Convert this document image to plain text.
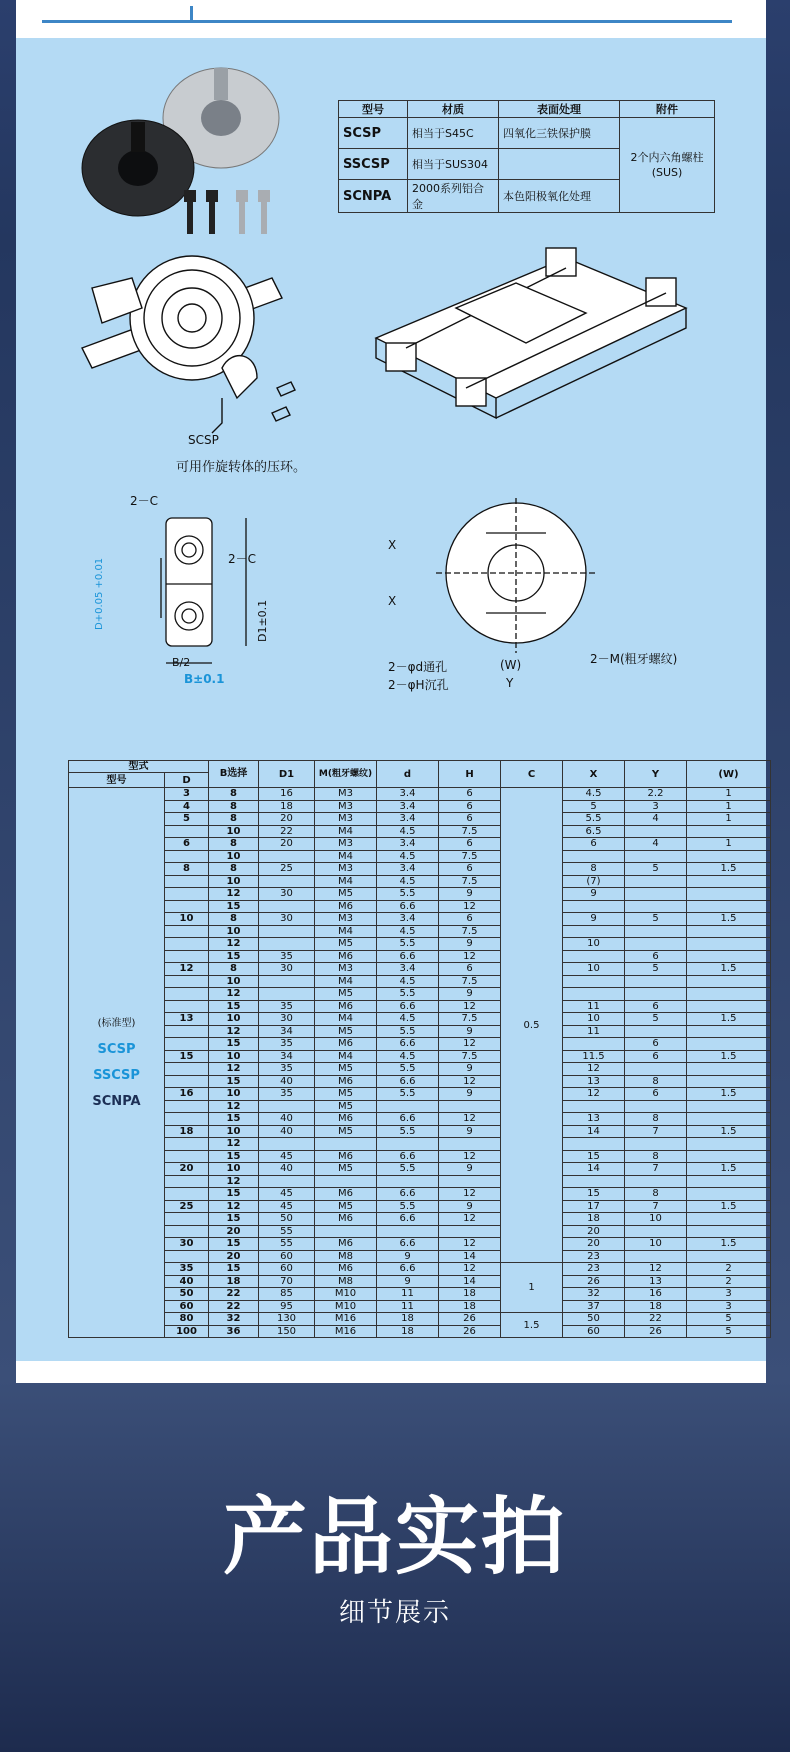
型号	材质	表面处理	附件
SCSP	相当于S45C	四氧化三铁保护膜	2个内六角螺柱(SUS)
SSCSP	相当于SUS304		
SCNPA	2000系列铝合金	本色阳极氧化处理	
SCSP
可用作旋转体的压环。
2－C
2－C
D+0.05 +0.01	D1±0.1
B/2
B±0.1
X
X
2－φd通孔
2－φH沉孔
(W)
Y
2－M(粗牙螺纹)
型式		B选择	D1	M(粗牙螺纹)	d	H	C	X	Y	(W)
型号	D									

(标准型)
SCSP
SSCSP
SCNPA	3	8	16	M3	3.4	6	0.5	4.5	2.2	1
	4	8	18	M3	3.4	6		5	3	1
	5	8	20	M3	3.4	6		5.5	4	1
		10	22	M4	4.5	7.5		6.5		
	6	8	20	M3	3.4	6		6	4	1
		10		M4	4.5	7.5				
	8	8	25	M3	3.4	6		8	5	1.5
		10		M4	4.5	7.5		(7)		
		12	30	M5	5.5	9		9		
		15		M6	6.6	12				
	10	8	30	M3	3.4	6		9	5	1.5
		10		M4	4.5	7.5				
		12		M5	5.5	9		10		
		15	35	M6	6.6	12			6	
	12	8	30	M3	3.4	6		10	5	1.5
		10		M4	4.5	7.5				
		12		M5	5.5	9				
		15	35	M6	6.6	12		11	6	
	13	10	30	M4	4.5	7.5		10	5	1.5
		12	34	M5	5.5	9		11		
		15	35	M6	6.6	12			6	
	15	10	34	M4	4.5	7.5		11.5	6	1.5
		12	35	M5	5.5	9		12		
		15	40	M6	6.6	12		13	8	
	16	10	35	M5	5.5	9		12	6	1.5
		12		M5						
		15	40	M6	6.6	12		13	8	
	18	10	40	M5	5.5	9		14	7	1.5
		12								
		15	45	M6	6.6	12		15	8	
	20	10	40	M5	5.5	9		14	7	1.5
		12								
		15	45	M6	6.6	12		15	8	
	25	12	45	M5	5.5	9		17	7	1.5
		15	50	M6	6.6	12		18	10	
		20	55					20		
	30	15	55	M6	6.6	12		20	10	1.5
		20	60	M8	9	14		23		
	35	15	60	M6	6.6	12	1	23	12	2
	40	18	70	M8	9	14		26	13	2
	50	22	85	M10	11	18		32	16	3
	60	22	95	M10	11	18		37	18	3
	80	32	130	M16	18	26	1.5	50	22	5
	100	36	150	M16	18	26		60	26	5
产品实拍
细节展示
